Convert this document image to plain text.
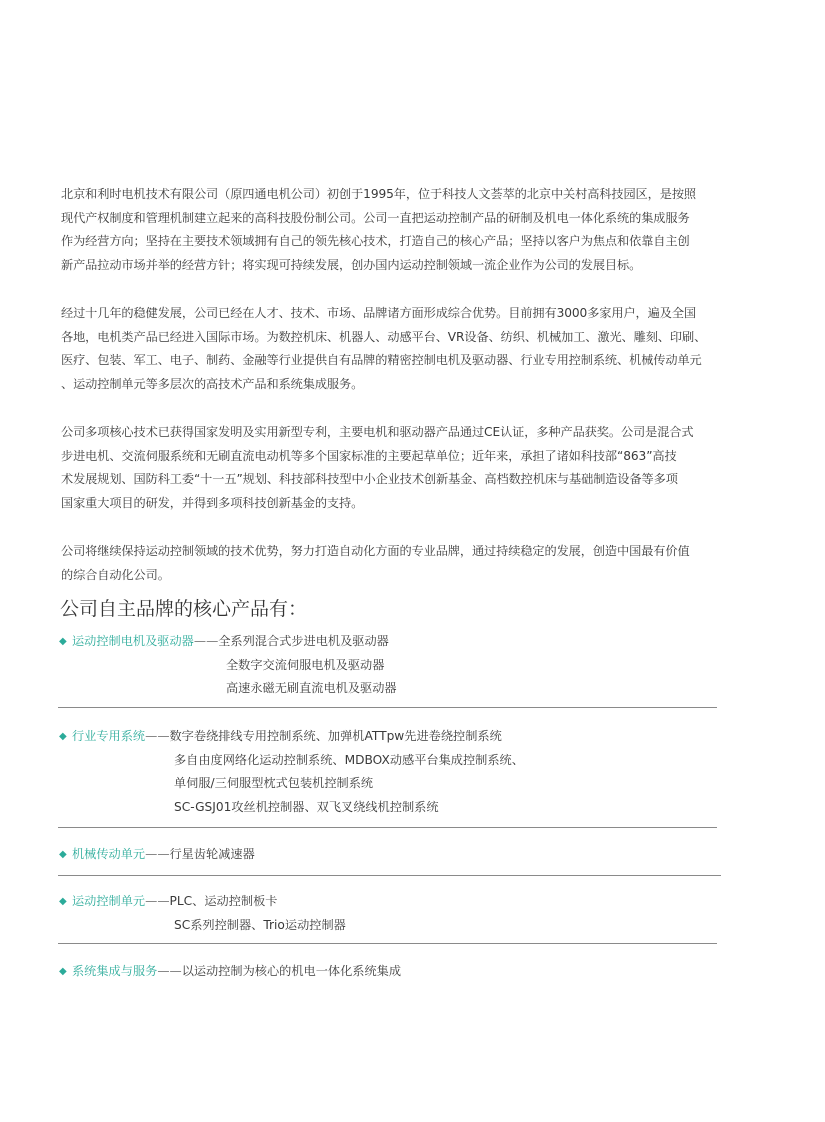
北京和利时电机技术有限公司（原四通电机公司）初创于1995年，位于科技人文荟萃的北京中关村高科技园区，是按照
现代产权制度和管理机制建立起来的高科技股份制公司。公司一直把运动控制产品的研制及机电一体化系统的集成服务
作为经营方向；坚持在主要技术领域拥有自己的领先核心技术，打造自己的核心产品；坚持以客户为焦点和依靠自主创
新产品拉动市场并举的经营方针；将实现可持续发展，创办国内运动控制领域一流企业作为公司的发展目标。

经过十几年的稳健发展，公司已经在人才、技术、市场、品牌诸方面形成综合优势。目前拥有3000多家用户，遍及全国
各地，电机类产品已经进入国际市场。为数控机床、机器人、动感平台、VR设备、纺织、机械加工、激光、雕刻、印刷、
医疗、包装、军工、电子、制药、金融等行业提供自有品牌的精密控制电机及驱动器、行业专用控制系统、机械传动单元
、运动控制单元等多层次的高技术产品和系统集成服务。

公司多项核心技术已获得国家发明及实用新型专利，主要电机和驱动器产品通过CE认证，多种产品获奖。公司是混合式
步进电机、交流伺服系统和无刷直流电动机等多个国家标准的主要起草单位；近年来，承担了诸如科技部“863”高技
术发展规划、国防科工委“十一五”规划、科技部科技型中小企业技术创新基金、高档数控机床与基础制造设备等多项
国家重大项目的研发，并得到多项科技创新基金的支持。

公司将继续保持运动控制领域的技术优势，努力打造自动化方面的专业品牌，通过持续稳定的发展，创造中国最有价值
的综合自动化公司。

公司自主品牌的核心产品有：
◆ 运动控制电机及驱动器 —— 全系列混合式步进电机及驱动器
全数字交流伺服电机及驱动器
高速永磁无刷直流电机及驱动器
◆ 行业专用系统 —— 数字卷绕排线专用控制系统、加弹机ATTpw先进卷绕控制系统
多自由度网络化运动控制系统、MDBOX动感平台集成控制系统、
单伺服/三伺服型枕式包装机控制系统
SC-GSJ01攻丝机控制器、双飞叉绕线机控制系统
◆ 机械传动单元 —— 行星齿轮减速器
◆ 运动控制单元 —— PLC、运动控制板卡
SC系列控制器、Trio运动控制器
◆ 系统集成与服务 —— 以运动控制为核心的机电一体化系统集成
